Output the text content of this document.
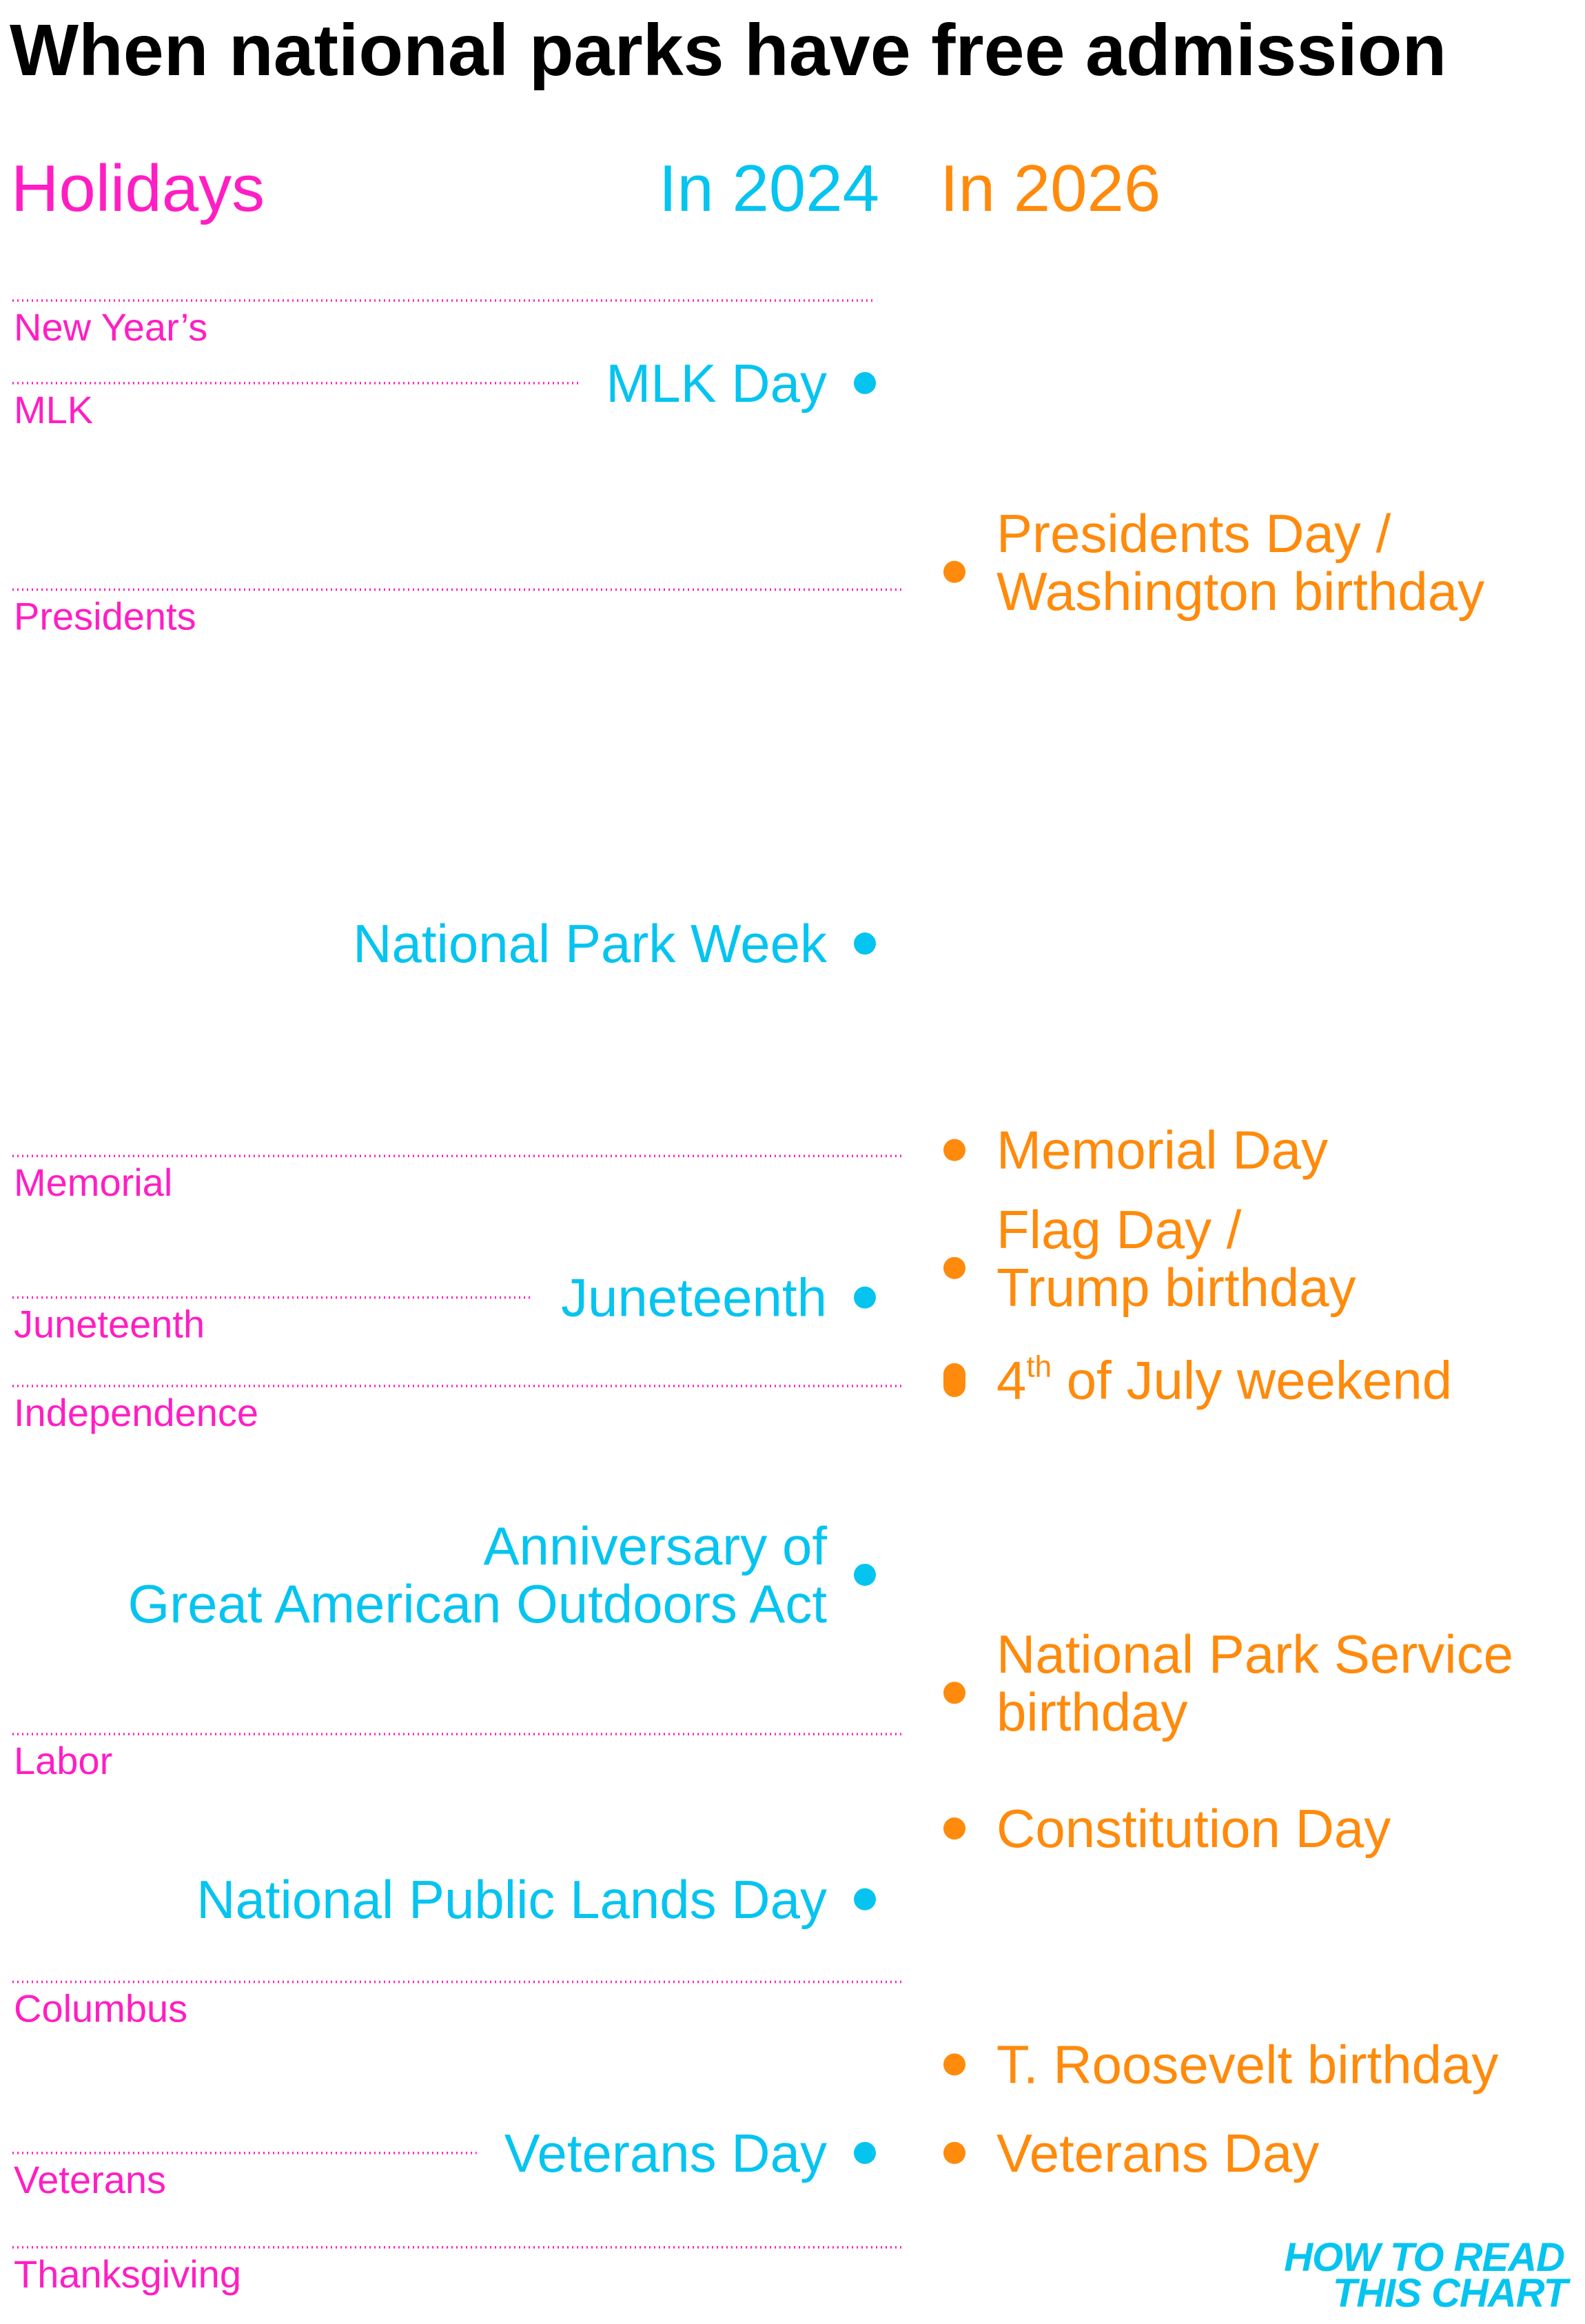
When national parks have free admission
Holidays	In 2024 In 2026
New Year’s
MLK
Presidents
Memorial
Juneteenth
Independence
Labor
Columbus
Veterans
Thanksgiving
MLK Day
National Park Week
Juneteenth
Anniversary of
Great American Outdoors Act
National Public Lands Day
Veterans Day
Presidents Day /
Washington birthday
Memorial Day
Flag Day /
Trump birthday
4th of July weekend
National Park Service
birthday
Constitution Day
T. Roosevelt birthday
Veterans Day
HOW TO READ
THIS CHART
